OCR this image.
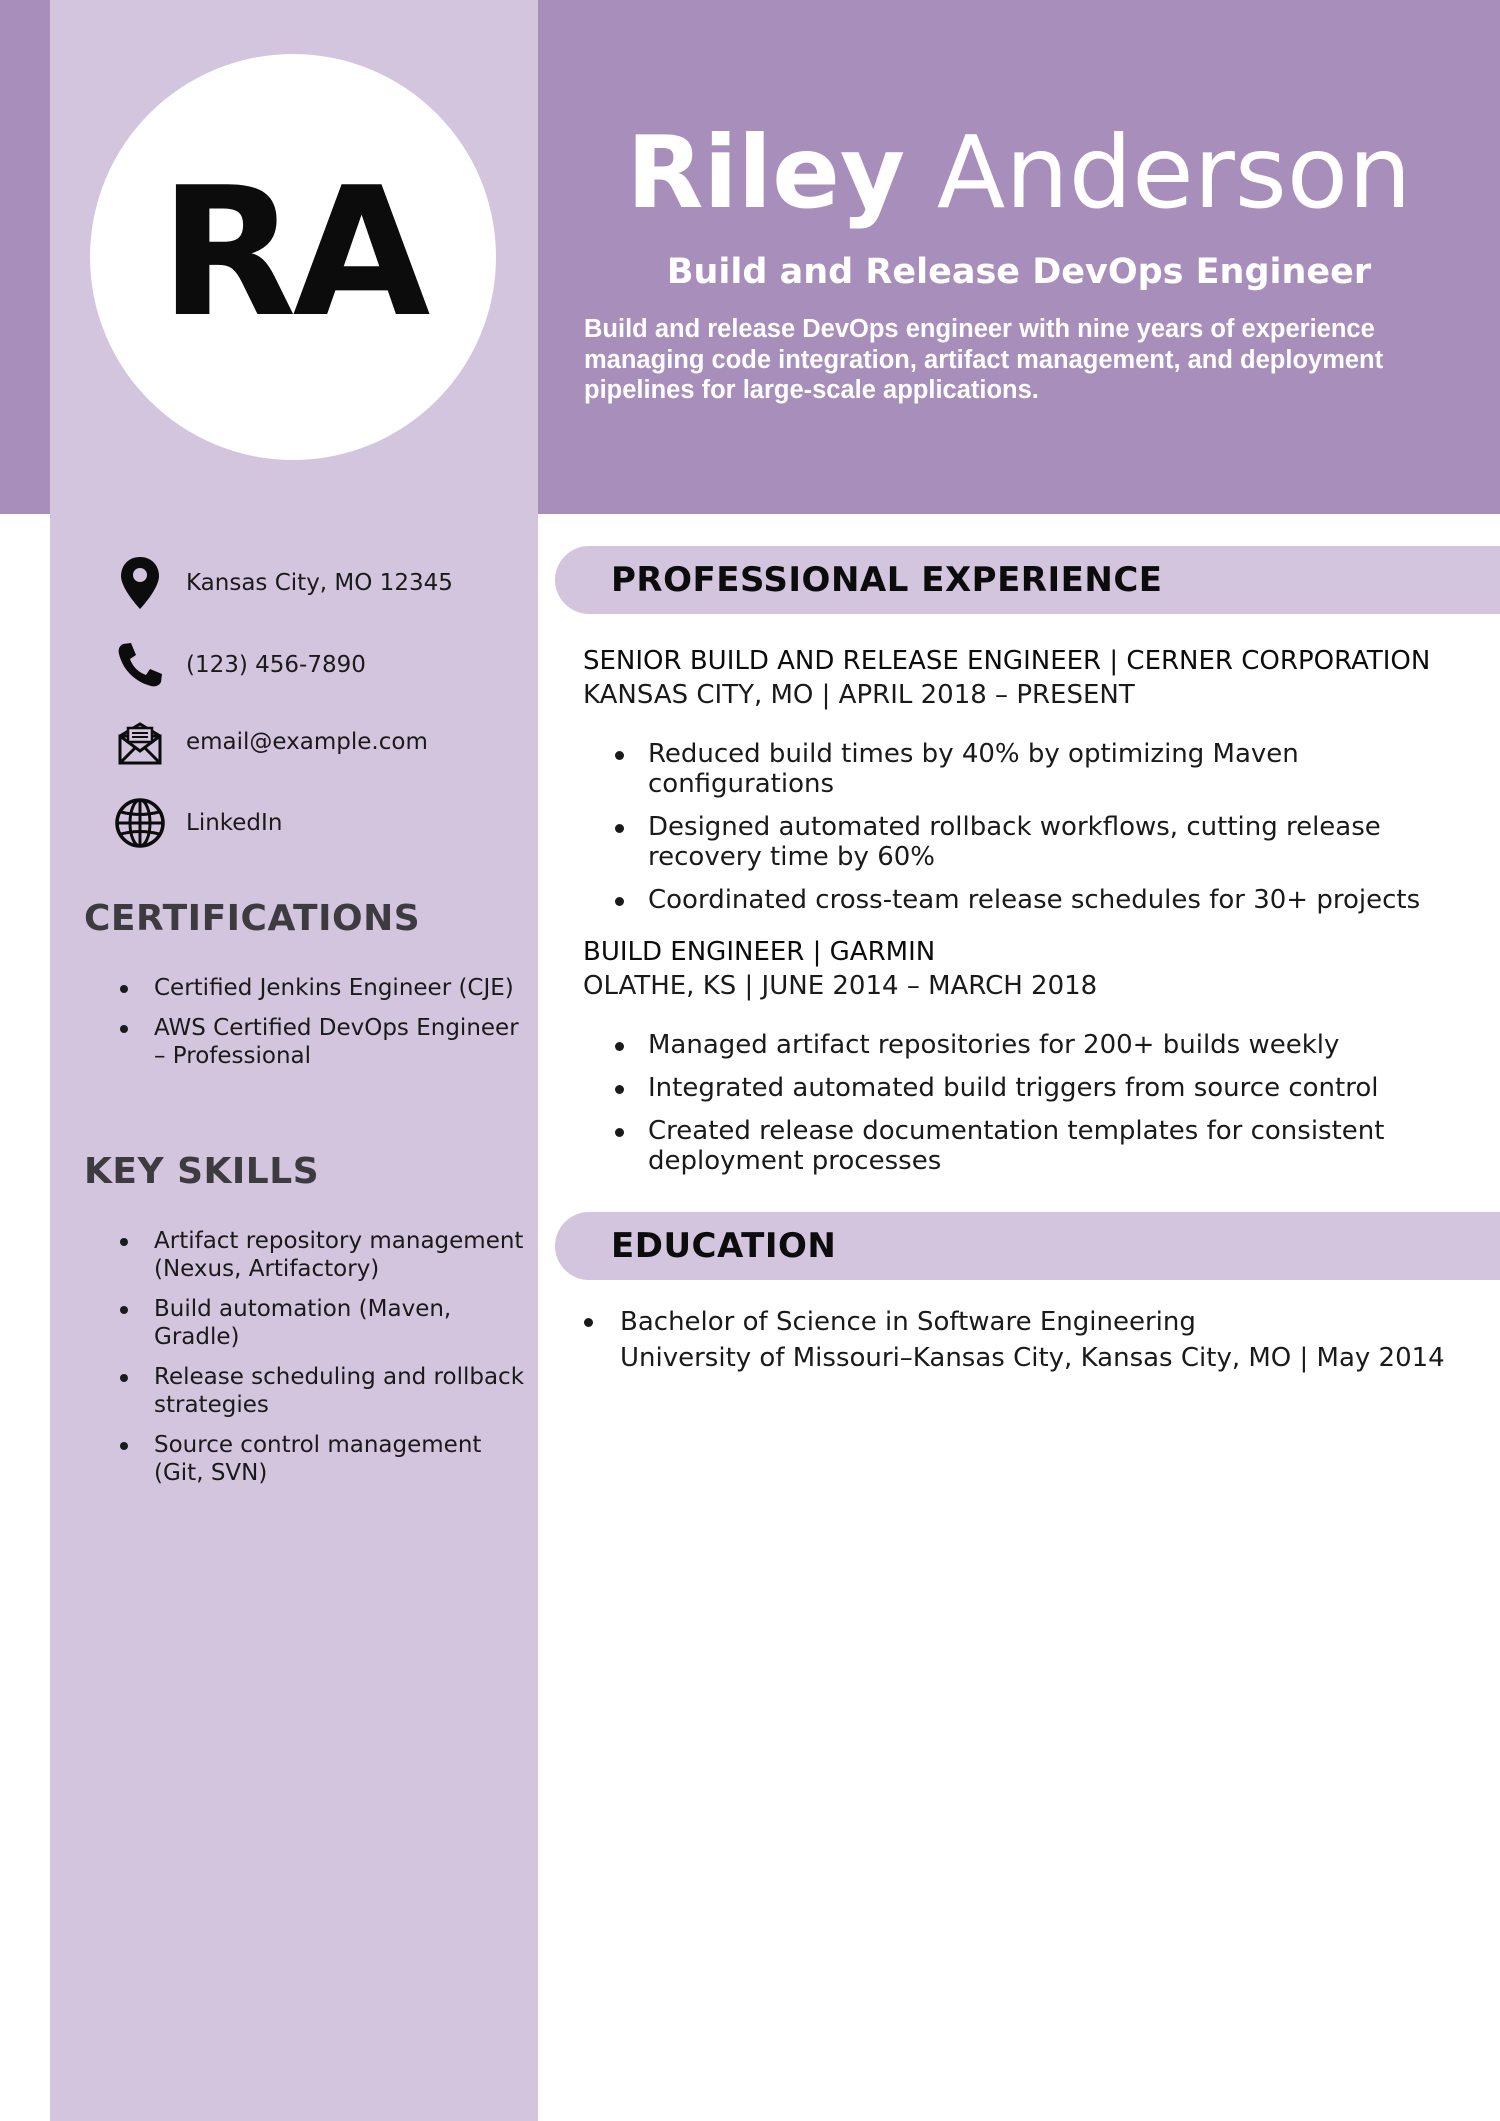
RA	Riley Anderson
Build and Release DevOps Engineer
Build and release DevOps engineer with nine years of experience managing code integration, artifact management, and deployment pipelines for large-scale applications.
Kansas City, MO 12345
(123) 456-7890
email@example.com
LinkedIn
CERTIFICATIONS
Certified Jenkins Engineer (CJE)
AWS Certified DevOps Engineer – Professional
KEY SKILLS
Artifact repository management (Nexus, Artifactory)
Build automation (Maven, Gradle)
Release scheduling and rollback strategies
Source control management (Git, SVN)
PROFESSIONAL EXPERIENCE
SENIOR BUILD AND RELEASE ENGINEER | CERNER CORPORATION
KANSAS CITY, MO | APRIL 2018 – PRESENT
Reduced build times by 40% by optimizing Maven configurations
Designed automated rollback workflows, cutting release recovery time by 60%
Coordinated cross-team release schedules for 30+ projects
BUILD ENGINEER | GARMIN
OLATHE, KS | JUNE 2014 – MARCH 2018
Managed artifact repositories for 200+ builds weekly
Integrated automated build triggers from source control
Created release documentation templates for consistent deployment processes
EDUCATION
Bachelor of Science in Software Engineering
University of Missouri–Kansas City, Kansas City, MO | May 2014
